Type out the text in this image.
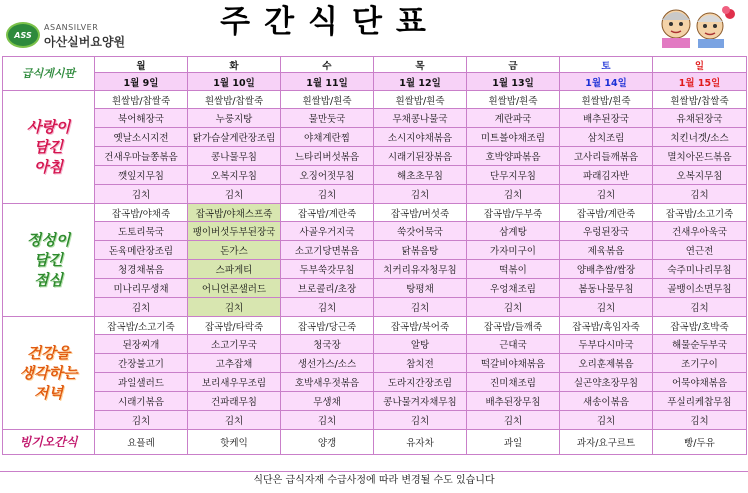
ASS
ASANSILVER
아산실버요양원
주간식단표
급식게시판	월	화	수	목	금	토	일
	1월 9일	1월 10일	1월 11일	1월 12일	1월 13일	1월 14일	1월 15일

사랑이
담긴
아침	흰쌀밥/찹쌀죽	흰쌀밥/찹쌀죽	흰쌀밥/흰죽	흰쌀밥/흰죽	흰쌀밥/흰죽	흰쌀밥/흰죽	흰쌀밥/찹쌀죽
	북어해장국	누룽지탕	물만둣국	무채콩나물국	계란파국	배추된장국	유채된장국
	옛날소시지전	닭가슴살게란장조림	야채계란찜	소시지야채볶음	미트볼야채조림	삼치조림	치킨너겟/소스
	건새우마늘쫑볶음	콩나물무침	느타리버섯볶음	시래기된장볶음	호박양파볶음	고사리들깨볶음	멸치아몬드볶음
	깻잎지무침	오복지무침	오징어젓무침	해초초무침	단무지무침	파래김자반	오복지무침
	김치	김치	김치	김치	김치	김치	김치

정성이
담긴
점심	잡곡밥/야채죽	잡곡밥/야채스프죽	잡곡밥/계란죽	잡곡밥/버섯죽	잡곡밥/두부죽	잡곡밥/계란죽	잡곡밥/소고기죽
	도토리묵국	팽이버섯두부된장국	사골우거지국	쑥갓어묵국	삼계탕	우렁된장국	건새우아욱국
	돈육메란장조림	돈가스	소고기당면볶음	닭볶음탕	가자미구이	제육볶음	연근전
	청경채볶음	스파게티	두부쑥갓무침	치커리유자청무침	떡볶이	양배추쌈/쌈장	숙주미나리무침
	미나리무생채	어니언콘샐러드	브로콜리/초장	탕평채	우엉채조림	봄동나물무침	골뱅이소면무침
	김치	김치	김치	김치	김치	김치	김치

건강을
생각하는
저녁	잡곡밥/소고기죽	잡곡밥/타락죽	잡곡밥/당근죽	잡곡밥/북어죽	잡곡밥/들깨죽	잡곡밥/흑임자죽	잡곡밥/호박죽
	된장찌개	소고기무국	청국장	알탕	근대국	두부다시마국	해물순두부국
	간장불고기	고추잡채	생선가스/소스	참치전	떡갈비야채볶음	오리훈제볶음	조기구이
	과일샐러드	보리새우무조림	호박새우젓볶음	도라지간장조림	진미채조림	실곤약초장무침	어묵야채볶음
	시래기볶음	건파래무침	무생채	콩나물겨자채무침	배추된장무침	새송이볶음	푸실리케찹무침
	김치	김치	김치	김치	김치	김치	김치

빙기오간식	요플레	핫케익	양갱	유자차	과일	과자/요구르트	빵/두유
식단은 급식자재 수급사정에 따라 변경될 수도 있습니다
